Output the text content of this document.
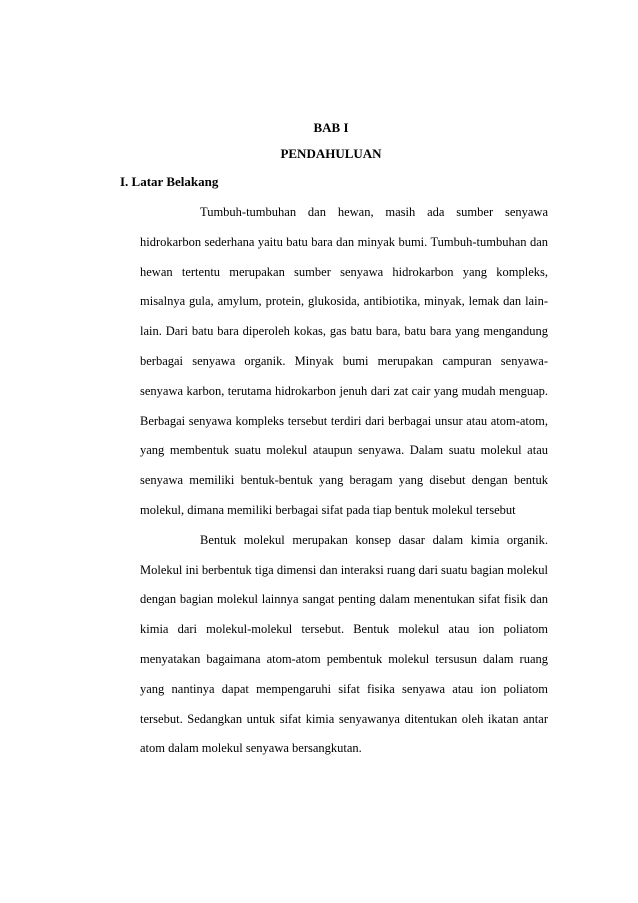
BAB I
PENDAHULUAN
I. Latar Belakang

Tumbuh-tumbuhan dan hewan, masih ada sumber senyawa hidrokarbon sederhana yaitu batu bara dan minyak bumi. Tumbuh-tumbuhan dan hewan tertentu merupakan sumber senyawa hidrokarbon yang kompleks, misalnya gula, amylum, protein, glukosida, antibiotika, minyak, lemak dan lain-lain. Dari batu bara diperoleh kokas, gas batu bara, batu bara yang mengandung berbagai senyawa organik. Minyak bumi merupakan campuran senyawa-senyawa karbon, terutama hidrokarbon jenuh dari zat cair yang mudah menguap. Berbagai senyawa kompleks tersebut terdiri dari berbagai unsur atau atom-atom, yang membentuk suatu molekul ataupun senyawa. Dalam suatu molekul atau senyawa memiliki bentuk-bentuk yang beragam yang disebut dengan bentuk molekul, dimana memiliki berbagai sifat pada tiap bentuk molekul tersebut

Bentuk molekul merupakan konsep dasar dalam kimia organik. Molekul ini berbentuk tiga dimensi dan interaksi ruang dari suatu bagian molekul dengan bagian molekul lainnya sangat penting dalam menentukan sifat fisik dan kimia dari molekul-molekul tersebut. Bentuk molekul atau ion poliatom menyatakan bagaimana atom-atom pembentuk molekul tersusun dalam ruang yang nantinya dapat mempengaruhi sifat fisika senyawa atau ion poliatom tersebut. Sedangkan untuk sifat kimia senyawanya ditentukan oleh ikatan antar atom dalam molekul senyawa bersangkutan.
